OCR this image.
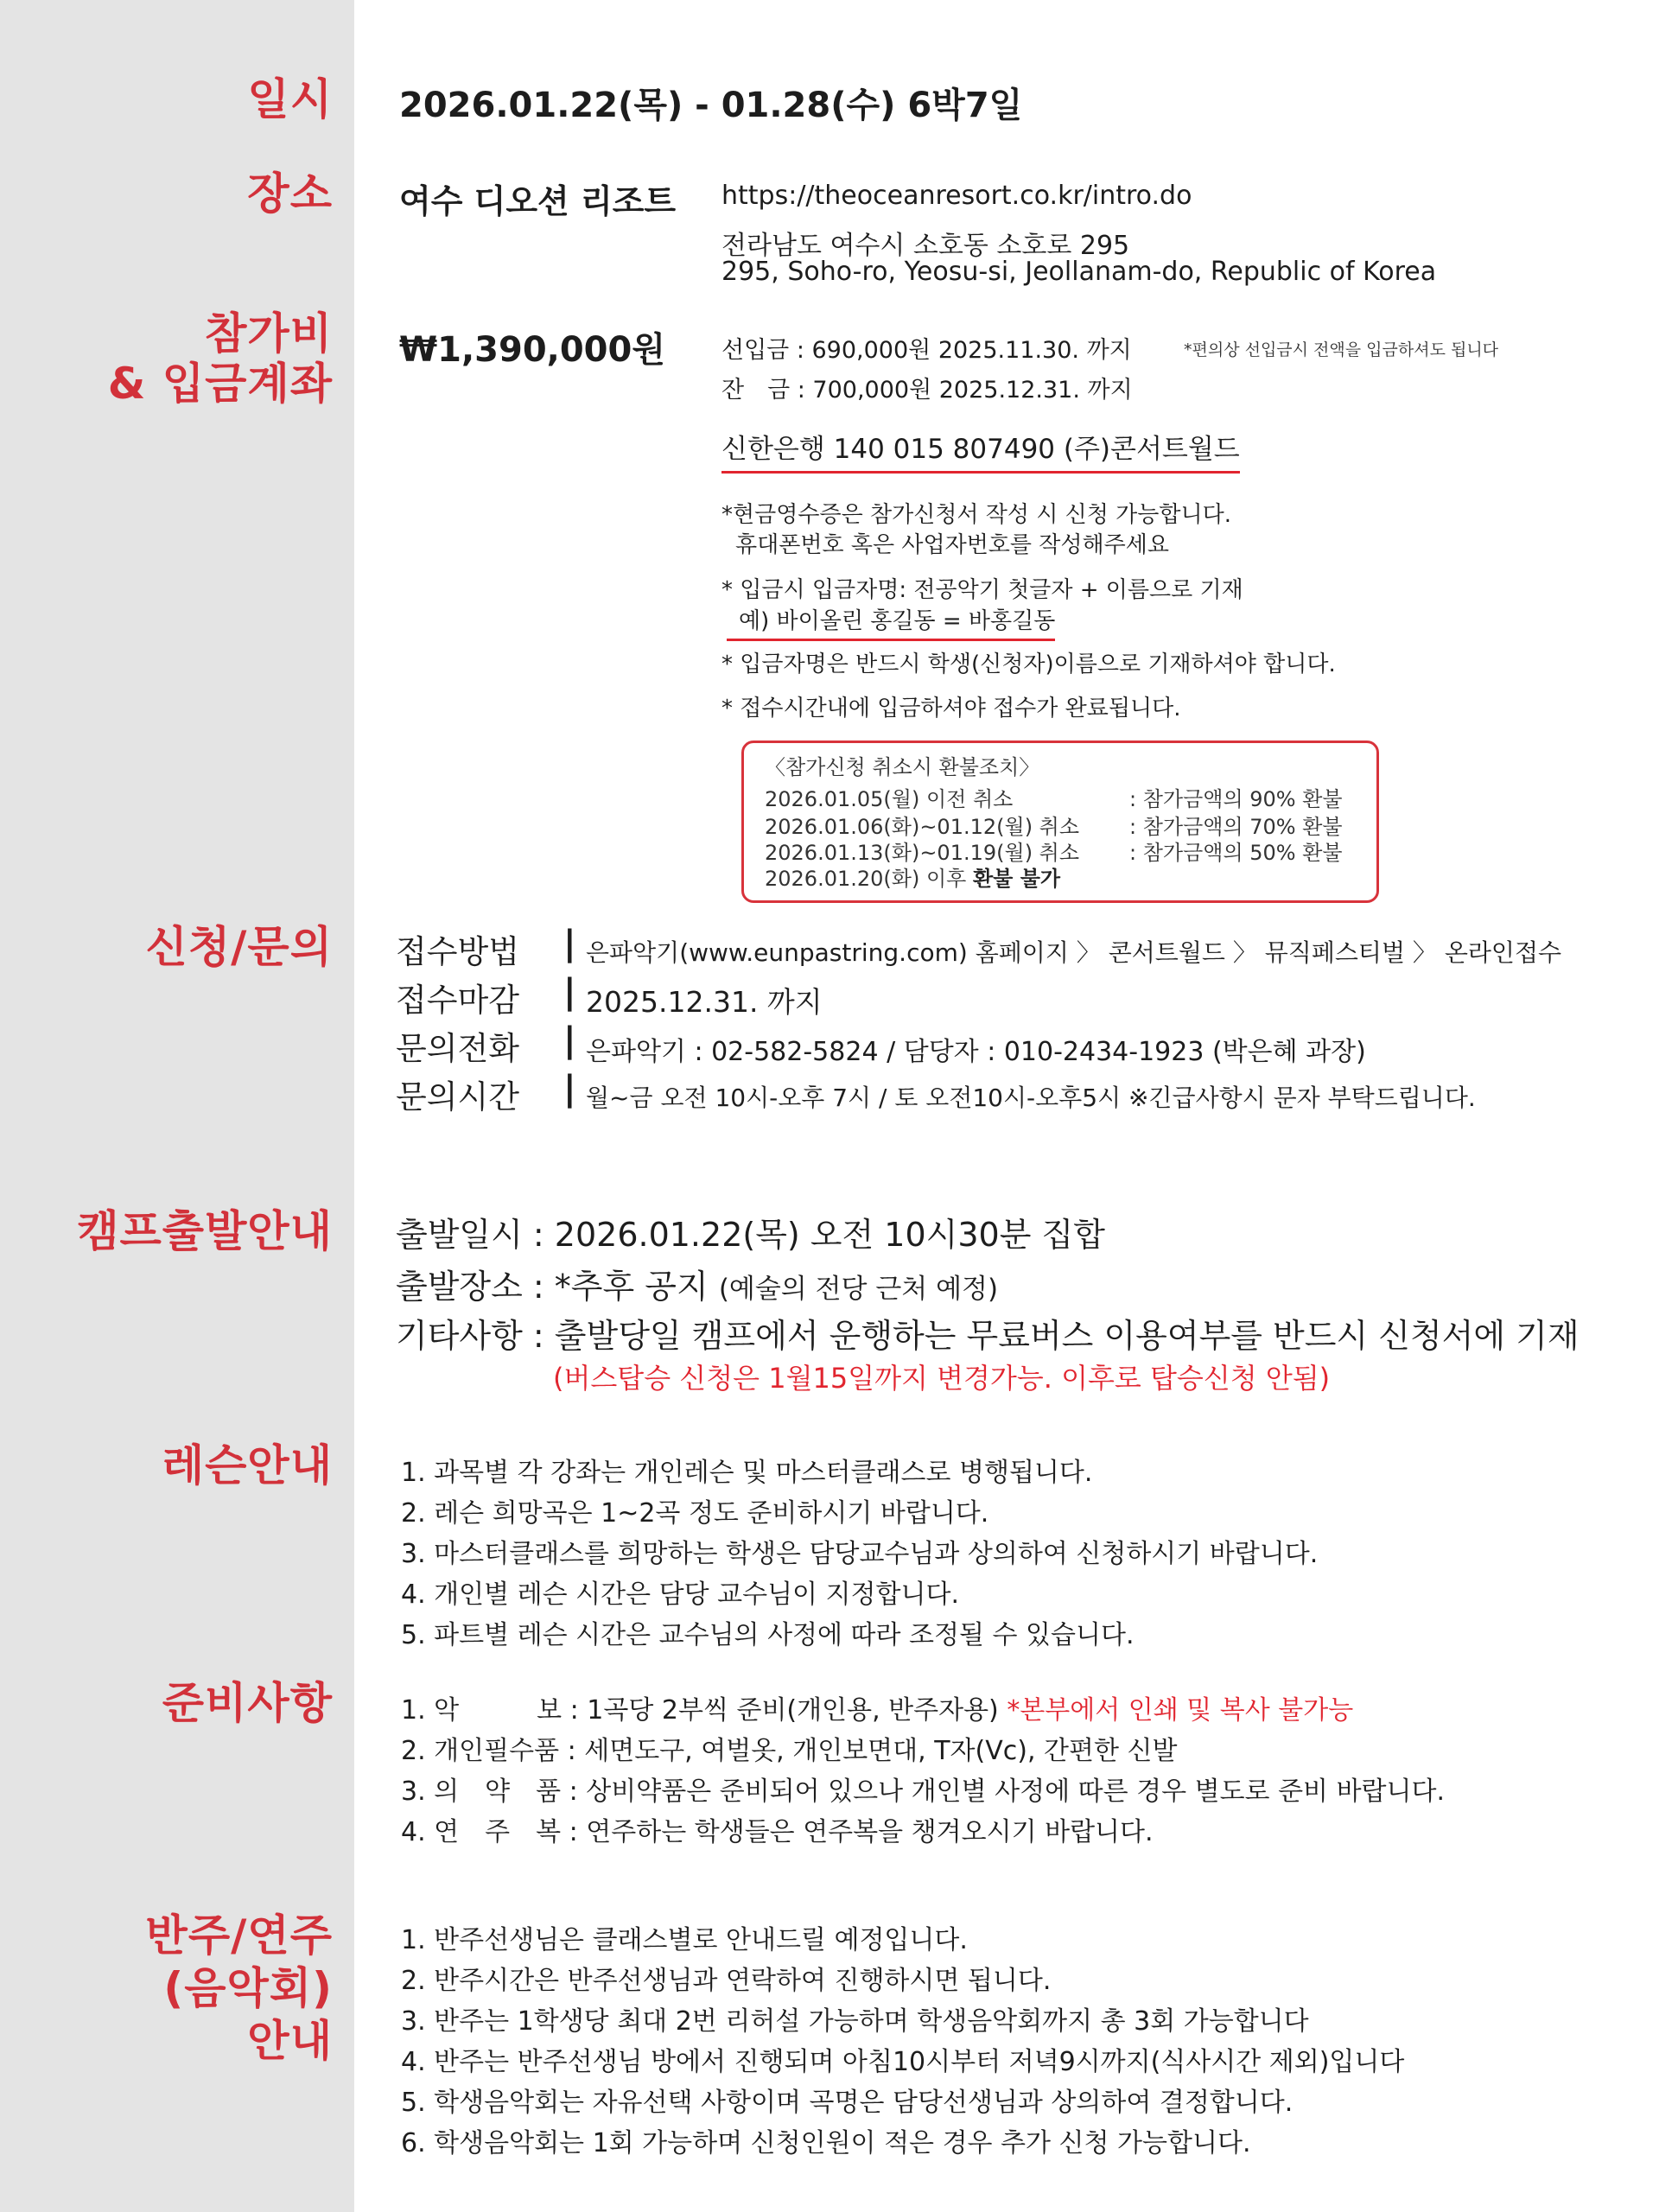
일시
장소
참가비
& 입금계좌
신청/문의
캠프출발안내
레슨안내
준비사항
반주/연주
(음악회)
안내
2026.01.22(목) - 01.28(수) 6박7일
여수 디오션 리조트 https://theoceanresort.co.kr/intro.do
전라남도 여수시 소호동 소호로 295
295, Soho-ro, Yeosu-si, Jeollanam-do, Republic of Korea
₩1,390,000원 선입금 : 690,000원 2025.11.30. 까지	*편의상 선입금시 전액을 입금하셔도 됩니다
잔　금 : 700,000원 2025.12.31. 까지
신한은행 140 015 807490 (주)콘서트월드
*현금영수증은 참가신청서 작성 시 신청 가능합니다.
휴대폰번호 혹은 사업자번호를 작성해주세요
* 입금시 입금자명: 전공악기 첫글자 + 이름으로 기재
예) 바이올린 홍길동 = 바홍길동
* 입금자명은 반드시 학생(신청자)이름으로 기재하셔야 합니다.
* 접수시간내에 입금하셔야 접수가 완료됩니다.
〈참가신청 취소시 환불조치〉
2026.01.05(월) 이전 취소	: 참가금액의 90% 환불
2026.01.06(화)~01.12(월) 취소 : 참가금액의 70% 환불
2026.01.13(화)~01.19(월) 취소 : 참가금액의 50% 환불
2026.01.20(화) 이후 환불 불가
접수방법 | 은파악기(www.eunpastring.com) 홈페이지 〉 콘서트월드 〉 뮤직페스티벌 〉 온라인접수
접수마감 | 2025.12.31. 까지
문의전화 | 은파악기 : 02-582-5824 / 담당자 : 010-2434-1923 (박은혜 과장)
문의시간 | 월~금 오전 10시-오후 7시 / 토 오전10시-오후5시 ※긴급사항시 문자 부탁드립니다.
출발일시 : 2026.01.22(목) 오전 10시30분 집합
출발장소 : *추후 공지 (예술의 전당 근처 예정)
기타사항 : 출발당일 캠프에서 운행하는 무료버스 이용여부를 반드시 신청서에 기재
(버스탑승 신청은 1월15일까지 변경가능. 이후로 탑승신청 안됨)
1. 과목별 각 강좌는 개인레슨 및 마스터클래스로 병행됩니다.
2. 레슨 희망곡은 1~2곡 정도 준비하시기 바랍니다.
3. 마스터클래스를 희망하는 학생은 담당교수님과 상의하여 신청하시기 바랍니다.
4. 개인별 레슨 시간은 담당 교수님이 지정합니다.
5. 파트별 레슨 시간은 교수님의 사정에 따라 조정될 수 있습니다.
1. 악　　　보 : 1곡당 2부씩 준비(개인용, 반주자용) *본부에서 인쇄 및 복사 불가능
2. 개인필수품 : 세면도구, 여벌옷, 개인보면대, T자(Vc), 간편한 신발
3. 의　약　품 : 상비약품은 준비되어 있으나 개인별 사정에 따른 경우 별도로 준비 바랍니다.
4. 연　주　복 : 연주하는 학생들은 연주복을 챙겨오시기 바랍니다.
1. 반주선생님은 클래스별로 안내드릴 예정입니다.
2. 반주시간은 반주선생님과 연락하여 진행하시면 됩니다.
3. 반주는 1학생당 최대 2번 리허설 가능하며 학생음악회까지 총 3회 가능합니다
4. 반주는 반주선생님 방에서 진행되며 아침10시부터 저녁9시까지(식사시간 제외)입니다
5. 학생음악회는 자유선택 사항이며 곡명은 담당선생님과 상의하여 결정합니다.
6. 학생음악회는 1회 가능하며 신청인원이 적은 경우 추가 신청 가능합니다.
